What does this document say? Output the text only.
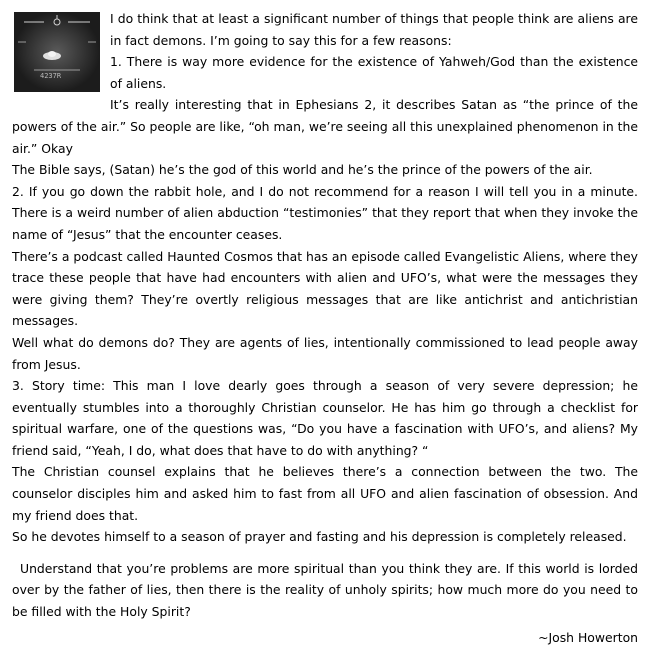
4237R

I do think that at least a significant number of things that people think are aliens are in fact demons. I’m going to say this for a few reasons:

1. There is way more evidence for the existence of Yahweh/God than the existence of aliens.

It’s really interesting that in Ephesians 2, it describes Satan as “the prince of the powers of the air.” So people are like, “oh man, we’re seeing all this unexplained phenomenon in the air.” Okay

The Bible says, (Satan) he’s the god of this world and he’s the prince of the powers of the air.

2. If you go down the rabbit hole, and I do not recommend for a reason I will tell you in a minute. There is a weird number of alien abduction “testimonies” that they report that when they invoke the name of “Jesus” that the encounter ceases.

There’s a podcast called Haunted Cosmos that has an episode called Evangelistic Aliens, where they trace these people that have had encounters with alien and UFO’s, what were the messages they were giving them? They’re overtly religious messages that are like antichrist and antichristian messages.

Well what do demons do? They are agents of lies, intentionally commissioned to lead people away from Jesus.

3. Story time: This man I love dearly goes through a season of very severe depression; he eventually stumbles into a thoroughly Christian counselor. He has him go through a checklist for spiritual warfare, one of the questions was, “Do you have a fascination with UFO’s, and aliens? My friend said, “Yeah, I do, what does that have to do with anything? “

The Christian counsel explains that he believes there’s a connection between the two. The counselor disciples him and asked him to fast from all UFO and alien fascination of obsession. And my friend does that.

So he devotes himself to a season of prayer and fasting and his depression is completely released.

Understand that you’re problems are more spiritual than you think they are. If this world is lorded over by the father of lies, then there is the reality of unholy spirits; how much more do you need to be filled with the Holy Spirit?

~Josh Howerton
